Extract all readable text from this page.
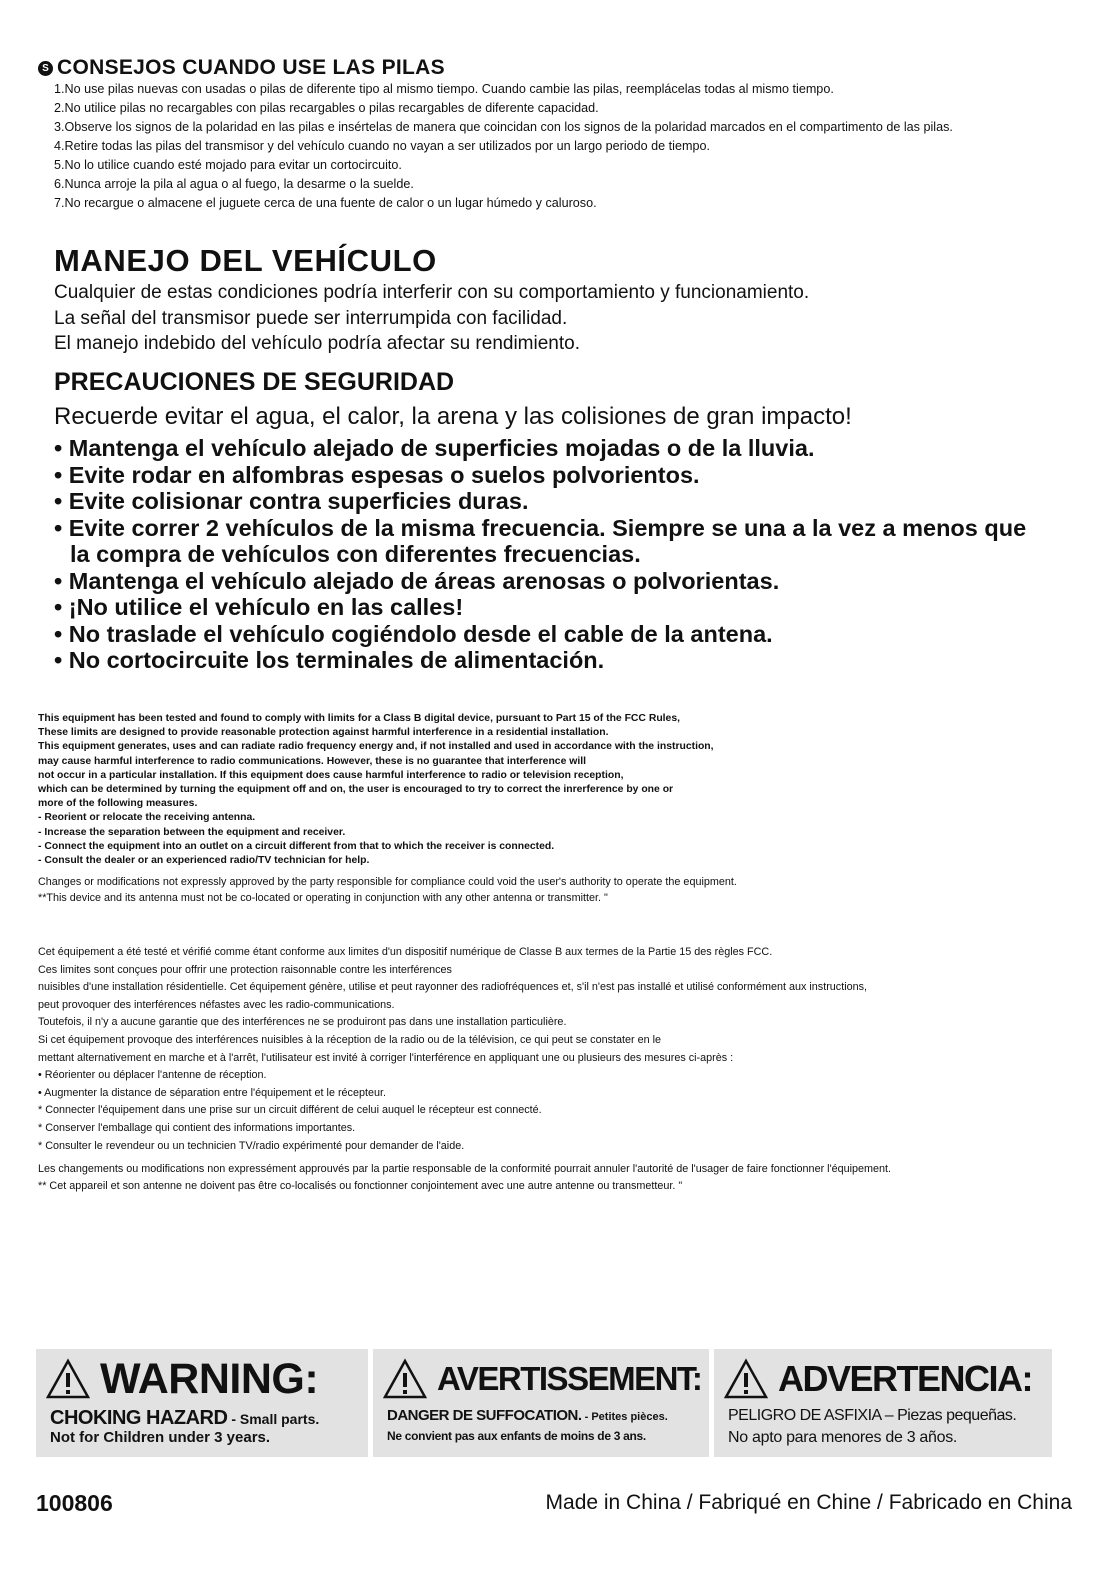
S CONSEJOS CUANDO USE LAS PILAS
1.No use pilas nuevas con usadas o pilas de diferente tipo al mismo tiempo. Cuando cambie las pilas, reemplácelas todas al mismo tiempo.
2.No utilice pilas no recargables con pilas recargables o pilas recargables de diferente capacidad.
3.Observe los signos de la polaridad en las pilas e insértelas de manera que coincidan con los signos de la polaridad marcados en el compartimento de las pilas.
4.Retire todas las pilas del transmisor y del vehículo cuando no vayan a ser utilizados por un largo periodo de tiempo.
5.No lo utilice cuando esté mojado para evitar un cortocircuito.
6.Nunca arroje la pila al agua o al fuego, la desarme o la suelde.
7.No recargue o almacene el juguete cerca de una fuente de calor o un lugar húmedo y caluroso.
MANEJO DEL VEHÍCULO
Cualquier de estas condiciones podría interferir con su comportamiento y funcionamiento.
La señal del transmisor puede ser interrumpida con facilidad.
El manejo indebido del vehículo podría afectar su rendimiento.
PRECAUCIONES DE SEGURIDAD
Recuerde evitar el agua, el calor, la arena y las colisiones de gran impacto!
• Mantenga el vehículo alejado de superficies mojadas o de la lluvia.
• Evite rodar en alfombras espesas o suelos polvorientos.
• Evite colisionar contra superficies duras.
• Evite correr 2 vehículos de la misma frecuencia. Siempre se una a la vez a menos que la compra de vehículos con diferentes frecuencias.
• Mantenga el vehículo alejado de áreas arenosas o polvorientas.
• ¡No utilice el vehículo en las calles!
• No traslade el vehículo cogiéndolo desde el cable de la antena.
• No cortocircuite los terminales de alimentación.
This equipment has been tested and found to comply with limits for a Class B digital device, pursuant to Part 15 of the FCC Rules,
These limits are designed to provide reasonable protection against harmful interference in a residential installation.
This equipment generates, uses and can radiate radio frequency energy and, if not installed and used in accordance with the instruction,
may cause harmful interference to radio communications. However, these is no guarantee that interference will
not occur in a particular installation. If this equipment does cause harmful interference to radio or television reception,
which can be determined by turning the equipment off and on, the user is encouraged to try to correct the inrerference by one or
more of the following measures.
- Reorient or relocate the receiving antenna.
- Increase the separation between the equipment and receiver.
- Connect the equipment into an outlet on a circuit different from that to which the receiver is connected.
- Consult the dealer or an experienced radio/TV technician for help.
Changes or modifications not expressly approved by the party responsible for compliance could void the user's authority to operate the equipment.
**This device and its antenna must not be co-located or operating in conjunction with any other antenna or transmitter. "
Cet équipement a été testé et vérifié comme étant conforme aux limites d'un dispositif numérique de Classe B aux termes de la Partie 15 des règles FCC.
Ces limites sont conçues pour offrir une protection raisonnable contre les interférences
nuisibles d'une installation résidentielle. Cet équipement génère, utilise et peut rayonner des radiofréquences et, s'il n'est pas installé et utilisé conformément aux instructions,
peut provoquer des interférences néfastes avec les radio-communications.
Toutefois, il n'y a aucune garantie que des interférences ne se produiront pas dans une installation particulière.
Si cet équipement provoque des interférences nuisibles à la réception de la radio ou de la télévision, ce qui peut se constater en le
mettant alternativement en marche et à l'arrêt, l'utilisateur est invité à corriger l'interférence en appliquant une ou plusieurs des mesures ci-après :
• Réorienter ou déplacer l'antenne de réception.
• Augmenter la distance de séparation entre l'équipement et le récepteur.
* Connecter l'équipement dans une prise sur un circuit différent de celui auquel le récepteur est connecté.
* Conserver l'emballage qui contient des informations importantes.
* Consulter le revendeur ou un technicien TV/radio expérimenté pour demander de l'aide.
Les changements ou modifications non expressément approuvés par la partie responsable de la conformité pourrait annuler l'autorité de l'usager de faire fonctionner l'équipement.
** Cet appareil et son antenne ne doivent pas être co-localisés ou fonctionner conjointement avec une autre antenne ou transmetteur. "
WARNING:
CHOKING HAZARD - Small parts.
Not for Children under 3 years.
AVERTISSEMENT:
DANGER DE SUFFOCATION. - Petites pièces.
Ne convient pas aux enfants de moins de 3 ans.
ADVERTENCIA:
PELIGRO DE ASFIXIA – Piezas pequeñas.
No apto para menores de 3 años.
100806	Made in China / Fabriqué en Chine / Fabricado en China
